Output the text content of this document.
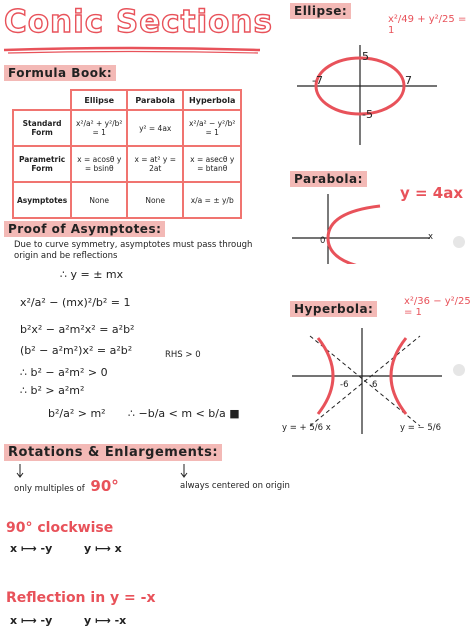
Conic Sections
Formula Book:
	Ellipse	Parabola	Hyperbola
Standard Form	x²/a² + y²/b² = 1	y² = 4ax	x²/a² − y²/b² = 1
Parametric Form	x = acosθ y = bsinθ	x = at² y = 2at	x = asecθ y = btanθ
Asymptotes	None	None	x/a = ± y/b
Proof of Asymptotes:
Due to curve symmetry, asymptotes must pass through origin and be reflections
∴ y = ± mx
x²/a² − (mx)²/b² = 1
b²x² − a²m²x² = a²b²
(b² − a²m²)x² = a²b²	RHS > 0
∴ b² − a²m² > 0
∴ b² > a²m²
b²/a² > m² ∴ −b/a < m < b/a ■
Ellipse:
x²/49 + y²/25 = 1
5
-5
-7	7
Parabola:
y = 4ax
0	x
Hyperbola:
x²/36 − y²/25 = 1
-6	6
y = + 5/6 x	y = − 5/6
Rotations & Enlargements:
only multiples of 90°	always centered on origin
90° clockwise
x ⟼ -y	y ⟼ x
Reflection in y = -x
x ⟼ -y	y ⟼ -x
